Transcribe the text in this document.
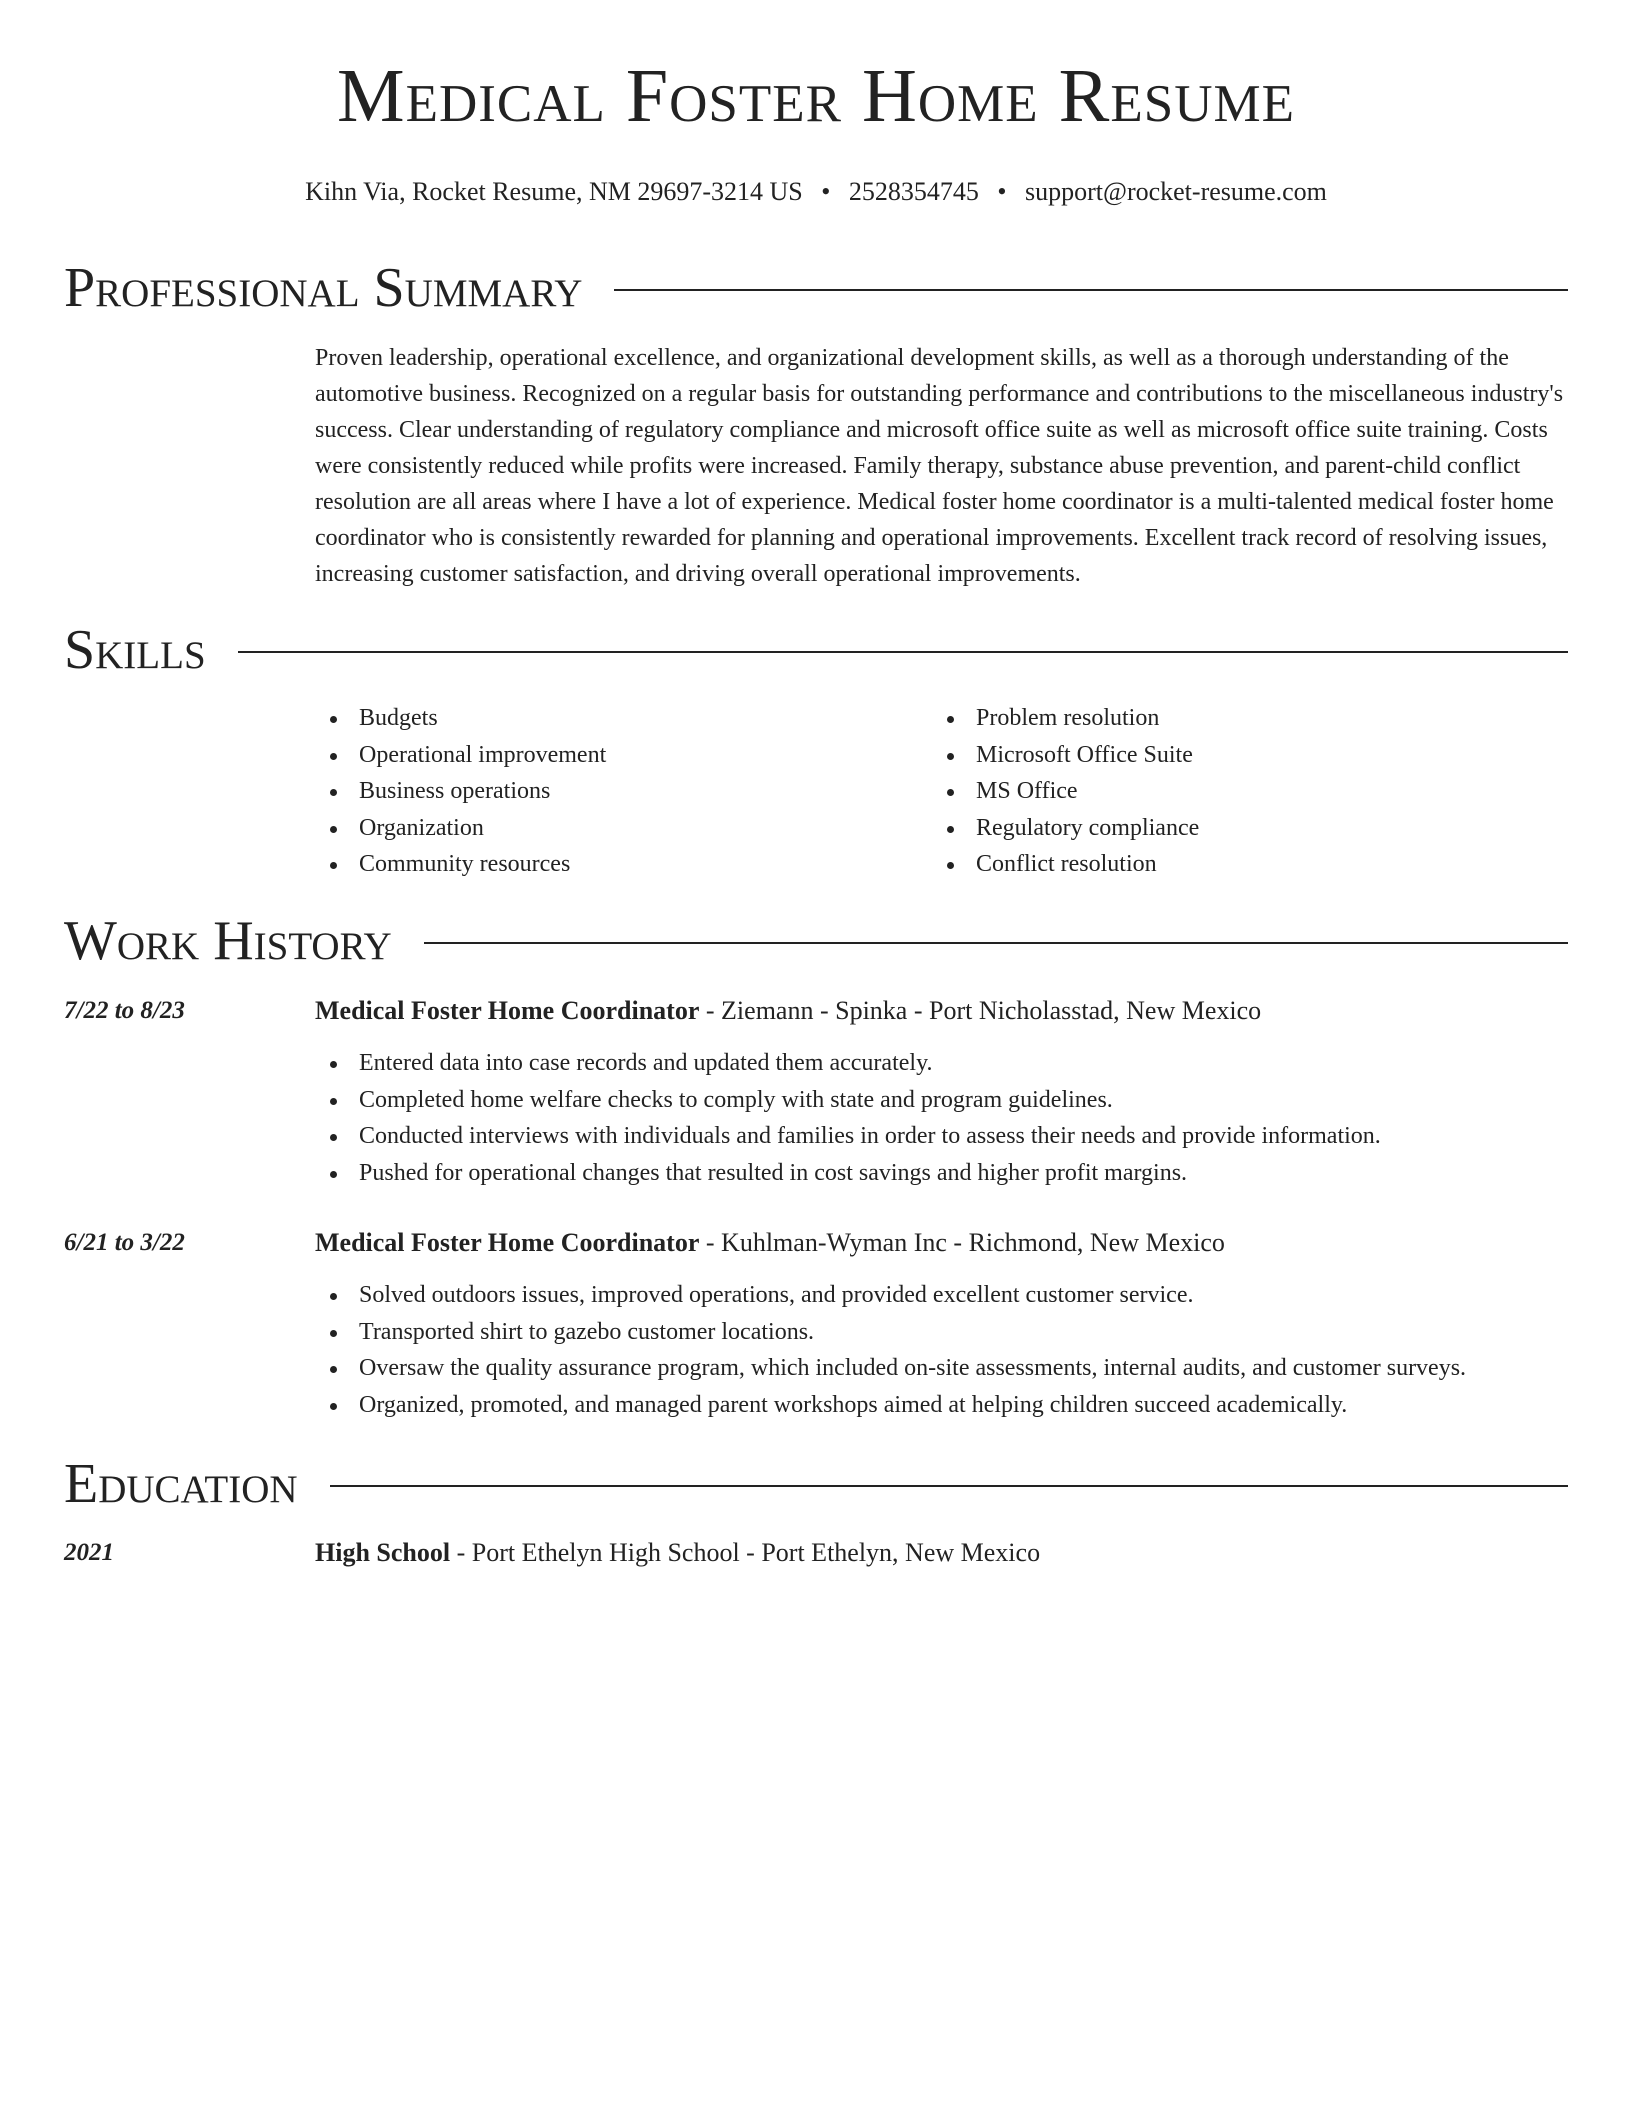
Medical Foster Home Resume
Kihn Via, Rocket Resume, NM 29697-3214 US • 2528354745 • support@rocket-resume.com
Professional Summary

Proven leadership, operational excellence, and organizational development skills, as well as a thorough understanding of the automotive business. Recognized on a regular basis for outstanding performance and contributions to the miscellaneous industry's success. Clear understanding of regulatory compliance and microsoft office suite as well as microsoft office suite training. Costs were consistently reduced while profits were increased. Family therapy, substance abuse prevention, and parent-child conflict resolution are all areas where I have a lot of experience. Medical foster home coordinator is a multi-talented medical foster home coordinator who is consistently rewarded for planning and operational improvements. Excellent track record of resolving issues, increasing customer satisfaction, and driving overall operational improvements.

Skills
Budgets
Operational improvement
Business operations
Organization
Community resources
Problem resolution
Microsoft Office Suite
MS Office
Regulatory compliance
Conflict resolution
Work History
7/22 to 8/23	Medical Foster Home Coordinator - Ziemann - Spinka - Port Nicholasstad, New Mexico
Entered data into case records and updated them accurately.
Completed home welfare checks to comply with state and program guidelines.
Conducted interviews with individuals and families in order to assess their needs and provide information.
Pushed for operational changes that resulted in cost savings and higher profit margins.
6/21 to 3/22	Medical Foster Home Coordinator - Kuhlman-Wyman Inc - Richmond, New Mexico
Solved outdoors issues, improved operations, and provided excellent customer service.
Transported shirt to gazebo customer locations.
Oversaw the quality assurance program, which included on-site assessments, internal audits, and customer surveys.
Organized, promoted, and managed parent workshops aimed at helping children succeed academically.
Education
2021	High School - Port Ethelyn High School - Port Ethelyn, New Mexico
